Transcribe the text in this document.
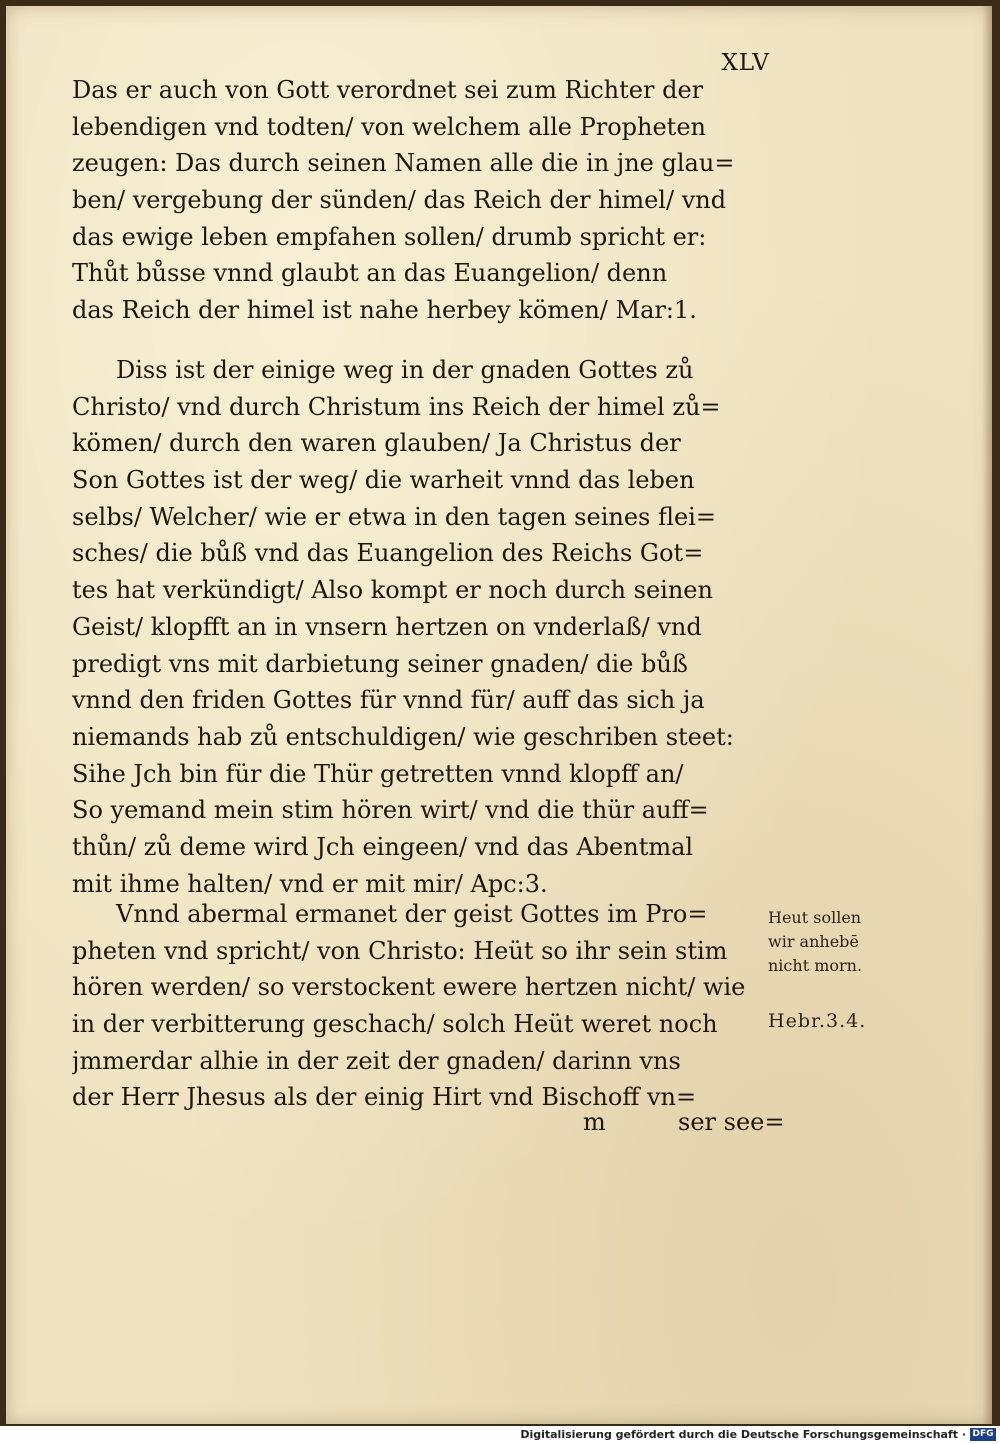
XLV
Das er auch von Gott verordnet sei zum Richter der
lebendigen vnd todten/ von welchem alle Propheten
zeugen: Das durch seinen Namen alle die in jne glau=
ben/ vergebung der sünden/ das Reich der himel/ vnd
das ewige leben empfahen sollen/ drumb spricht er:
Thůt bůsse vnnd glaubt an das Euangelion/ denn
das Reich der himel ist nahe herbey kömen/ Mar:1.
Diss ist der einige weg in der gnaden Gottes zů
Christo/ vnd durch Christum ins Reich der himel zů=
kömen/ durch den waren glauben/ Ja Christus der
Son Gottes ist der weg/ die warheit vnnd das leben
selbs/ Welcher/ wie er etwa in den tagen seines flei=
sches/ die bůß vnd das Euangelion des Reichs Got=
tes hat verkündigt/ Also kompt er noch durch seinen
Geist/ klopfft an in vnsern hertzen on vnderlaß/ vnd
predigt vns mit darbietung seiner gnaden/ die bůß
vnnd den friden Gottes für vnnd für/ auff das sich ja
niemands hab zů entschuldigen/ wie geschriben steet:
Sihe Jch bin für die Thür getretten vnnd klopff an/
So yemand mein stim hören wirt/ vnd die thür auff=
thůn/ zů deme wird Jch eingeen/ vnd das Abentmal
mit ihme halten/ vnd er mit mir/ Apc:3.
Vnnd abermal ermanet der geist Gottes im Pro=
pheten vnd spricht/ von Christo: Heüt so ihr sein stim
hören werden/ so verstockent ewere hertzen nicht/ wie
in der verbitterung geschach/ solch Heüt weret noch
jmmerdar alhie in der zeit der gnaden/ darinn vns
der Herr Jhesus als der einig Hirt vnd Bischoff vn=
m	ser see=
Heut sollen
wir anhebē
nicht morn.
Hebr.3.4.
Digitalisierung gefördert durch die Deutsche Forschungsgemeinschaft · DFG
